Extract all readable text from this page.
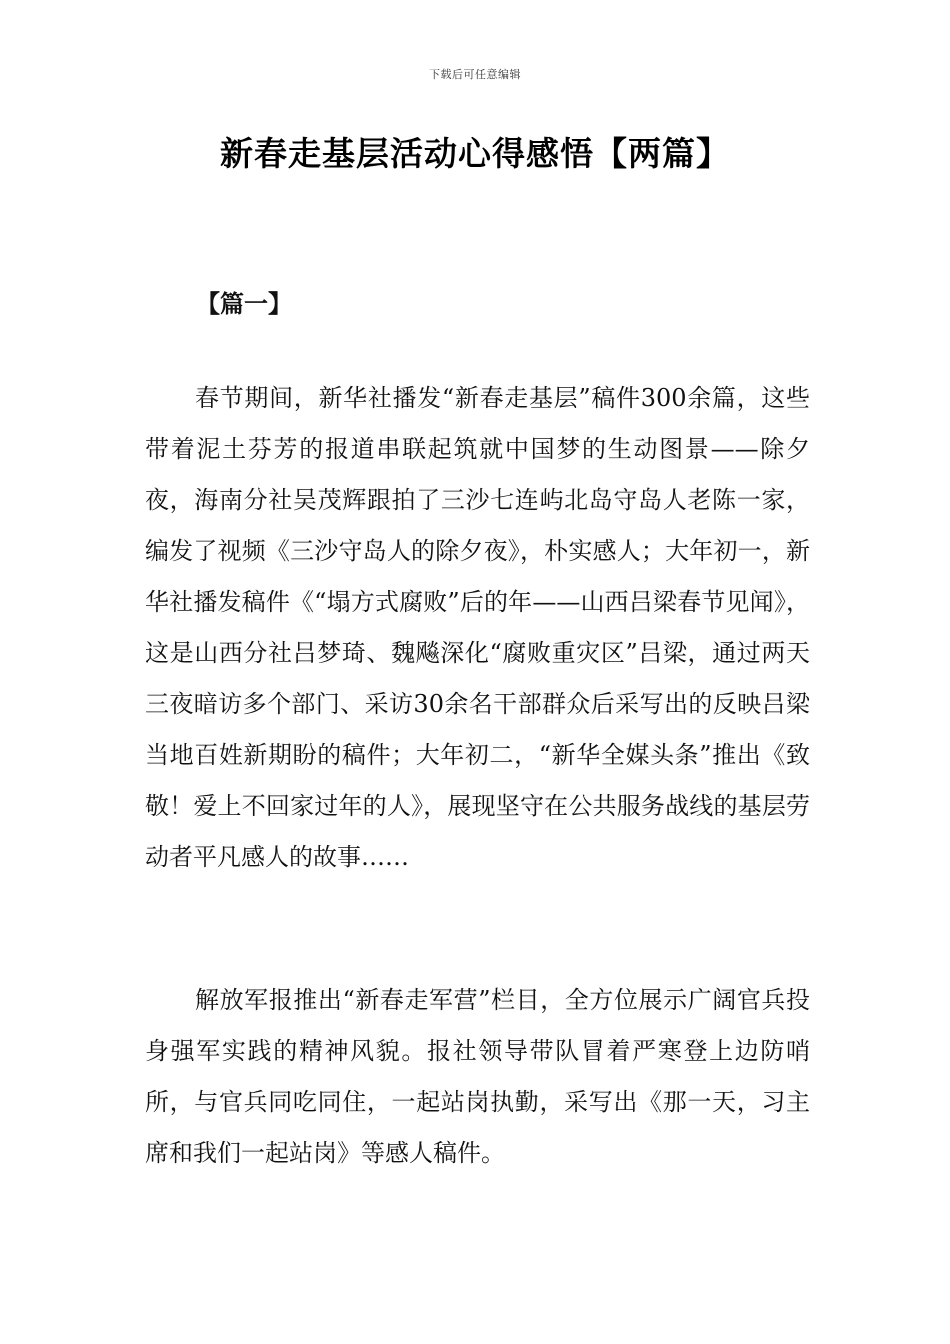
下载后可任意编辑
新春走基层活动心得感悟【两篇】
【篇一】

春节期间，新华社播发“新春走基层”稿件300余篇，这些带着泥土芬芳的报道串联起筑就中国梦的生动图景——除夕夜，海南分社吴茂辉跟拍了三沙七连屿北岛守岛人老陈一家，编发了视频《三沙守岛人的除夕夜》，朴实感人；大年初一，新华社播发稿件《“塌方式腐败”后的年——山西吕梁春节见闻》，这是山西分社吕梦琦、魏飚深化“腐败重灾区”吕梁，通过两天三夜暗访多个部门、采访30余名干部群众后采写出的反映吕梁当地百姓新期盼的稿件；大年初二，“新华全媒头条”推出《致敬！爱上不回家过年的人》，展现坚守在公共服务战线的基层劳动者平凡感人的故事……

解放军报推出“新春走军营”栏目，全方位展示广阔官兵投身强军实践的精神风貌。报社领导带队冒着严寒登上边防哨所，与官兵同吃同住，一起站岗执勤，采写出《那一天，习主席和我们一起站岗》等感人稿件。
